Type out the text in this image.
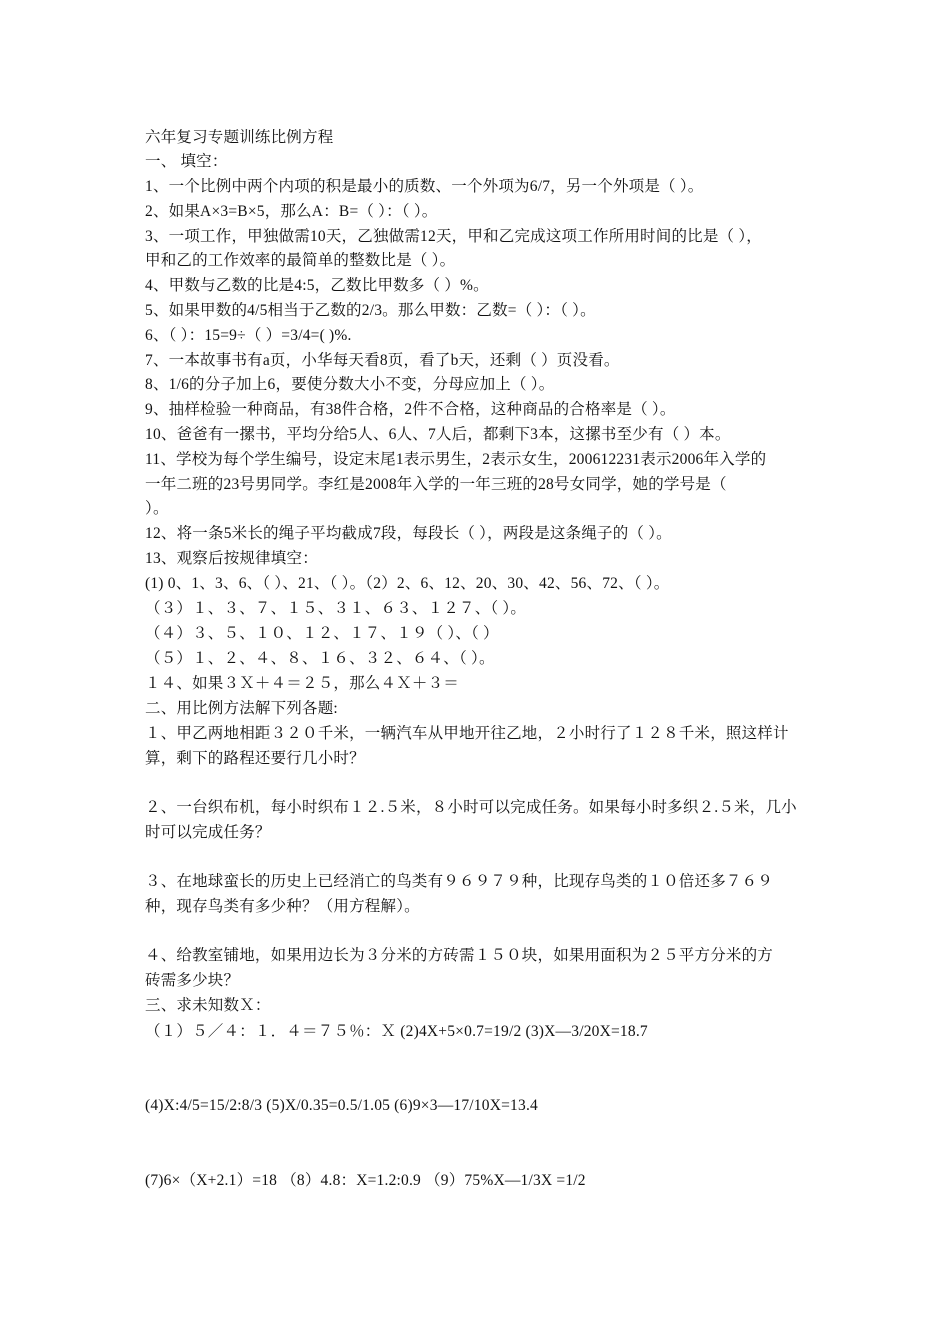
六年复习专题训练比例方程
一、 填空：
1、一个比例中两个内项的积是最小的质数、一个外项为6/7，另一个外项是（ ）。
2、如果A×3=B×5，那么A：B=（ ）：（ ）。
3、一项工作，甲独做需10天，乙独做需12天，甲和乙完成这项工作所用时间的比是（ ），
甲和乙的工作效率的最简单的整数比是（ ）。
4、甲数与乙数的比是4:5，乙数比甲数多（ ）%。
5、如果甲数的4/5相当于乙数的2/3。那么甲数：乙数=（ ）：（ ）。
6、（ ）：15=9÷（ ）=3/4=( )%.
7、一本故事书有a页，小华每天看8页，看了b天，还剩（ ）页没看。
8、1/6的分子加上6，要使分数大小不变，分母应加上（ ）。
9、抽样检验一种商品，有38件合格，2件不合格，这种商品的合格率是（ ）。
10、爸爸有一摞书，平均分给5人、6人、7人后，都剩下3本，这摞书至少有（ ）本。
11、学校为每个学生编号，设定末尾1表示男生，2表示女生，200612231表示2006年入学的
一年二班的23号男同学。李红是2008年入学的一年三班的28号女同学，她的学号是（
）。
12、将一条5米长的绳子平均截成7段，每段长（ ），两段是这条绳子的（ ）。
13、观察后按规律填空：
(1) 0、1、3、6、（ ）、21、（ ）。（2）2、6、12、20、30、42、56、72、（ ）。
（３）１、３、７、１５、３１、６３、１２７、（ ）。
（４）３、５、１０、１２、１７、１９（ ）、（ ）
（５）１、２、４、８、１６、３２、６４、（ ）。
１４、如果３Ｘ＋４＝２５，那么４Ｘ＋３＝
二、用比例方法解下列各题:
１、甲乙两地相距３２０千米，一辆汽车从甲地开往乙地，２小时行了１２８千米，照这样计
算，剩下的路程还要行几小时？
２、一台织布机，每小时织布１２.５米，８小时可以完成任务。如果每小时多织２.５米，几小
时可以完成任务？
３、在地球蛮长的历史上已经消亡的鸟类有９６９７９种，比现存鸟类的１０倍还多７６９
种，现存鸟类有多少种？（用方程解）。
４、给教室铺地，如果用边长为３分米的方砖需１５０块，如果用面积为２５平方分米的方
砖需多少块？
三、求未知数Ｘ：
（１）５／４：１．４＝７５％：Ｘ (2)4X+5×0.7=19/2 (3)X—3/20X=18.7
(4)X:4/5=15/2:8/3 (5)X/0.35=0.5/1.05 (6)9×3—17/10X=13.4
(7)6×（X+2.1）=18 （8）4.8：X=1.2:0.9 （9）75%X—1/3X =1/2
